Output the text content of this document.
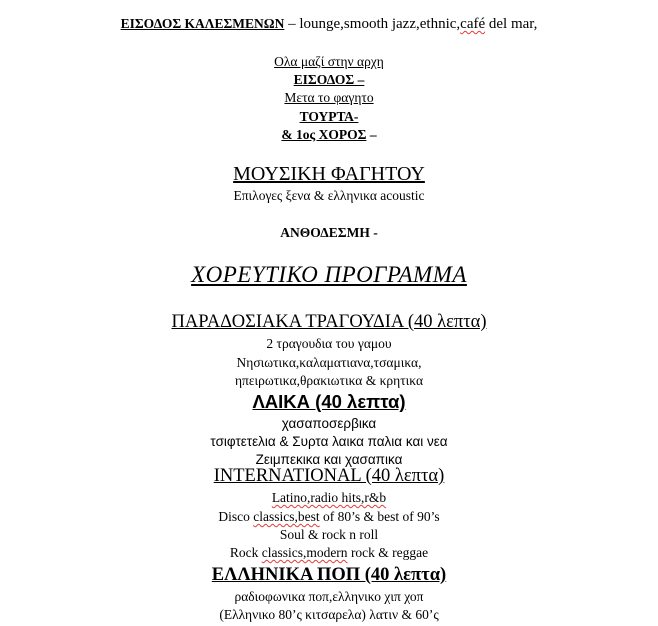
ΕΙΣΟΔΟΣ ΚΑΛΕΣΜΕΝΩΝ – lounge,smooth jazz,ethnic,café del mar,
Ολα μαζί στην αρχη
ΕΙΣΟΔΟΣ –
Μετα το φαγητο
ΤΟΥΡΤΑ-
& 1ος ΧΟΡΟΣ –
ΜΟΥΣΙΚΗ ΦΑΓΗΤΟΥ
Επιλογες ξενα & ελληνικα acoustic
ΑΝΘΟΔΕΣΜΗ -
ΧΟΡΕΥΤΙΚΟ ΠΡΟΓΡΑΜΜΑ
ΠΑΡΑΔΟΣΙΑΚΑ ΤΡΑΓΟΥΔΙΑ (40 λεπτα)
2 τραγουδια του γαμου
Νησιωτικα,καλαματιανα,τσαμικα,
ηπειρωτικα,θρακιωτικα & κρητικα
ΛΑΙΚΑ (40 λεπτα)
χασαποσερβικα
τσιφτετελια & Συρτα λαικα παλια και νεα
Ζειμπεκικα και χασαπικα
INTERNATIONAL (40 λεπτα)
Latino,radio hits,r&b
Disco classics,best of 80’s & best of 90’s
Soul & rock n roll
Rock classics,modern rock & reggae
ΕΛΛΗΝΙΚΑ ΠΟΠ (40 λεπτα)
ραδιοφωνικα ποπ,ελληνικο χιπ χοπ
(Ελληνικο 80’ς κιτσαρελα) λατιν & 60’ς
